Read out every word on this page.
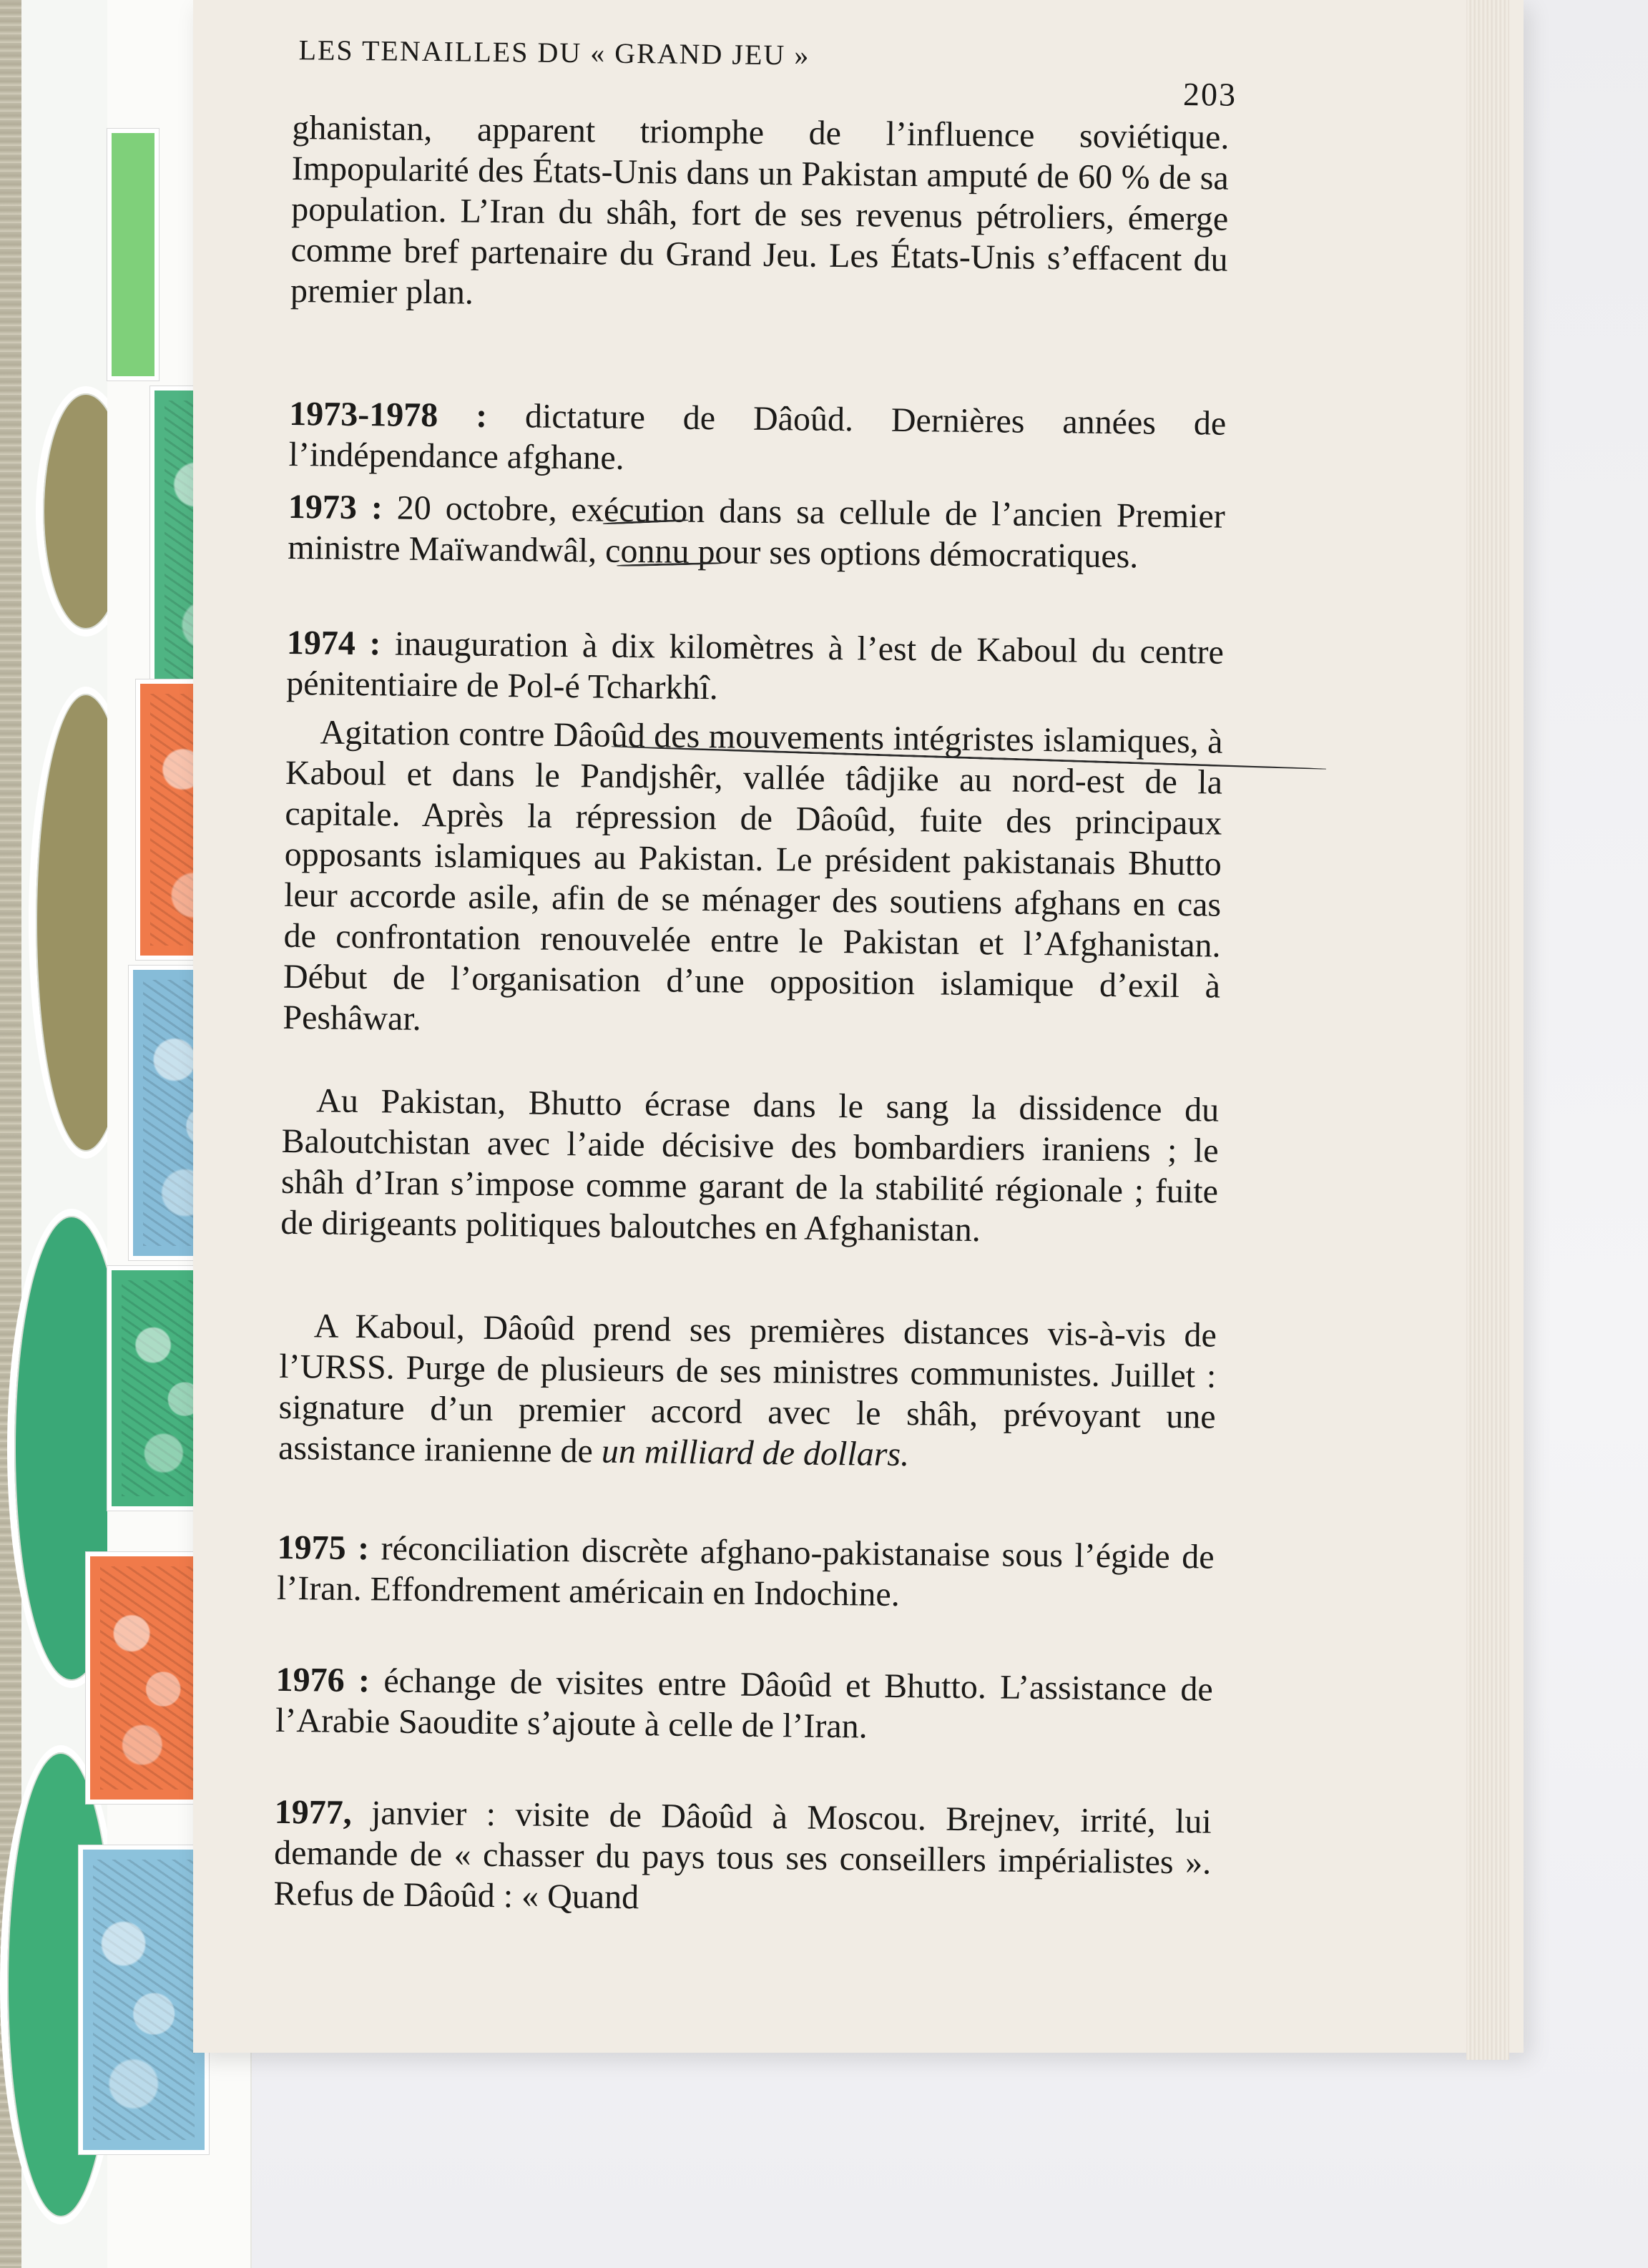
LES TENAILLES DU « GRAND JEU »
203

ghanistan, apparent triomphe de l’influence soviétique. Impopularité des États-Unis dans un Pakistan amputé de 60 % de sa population. L’Iran du shâh, fort de ses revenus pétroliers, émerge comme bref partenaire du Grand Jeu. Les États-Unis s’effacent du premier plan.

1973-1978 : dictature de Dâoûd. Dernières années de l’indépendance afghane.

1973 : 20 octobre, exécution dans sa cellule de l’ancien Premier ministre Maïwandwâl, connu pour ses options démocratiques.

1974 : inauguration à dix kilomètres à l’est de Kaboul du centre pénitentiaire de Pol-é Tcharkhî.

Agitation contre Dâoûd des mouvements intégristes islamiques, à Kaboul et dans le Pandjshêr, vallée tâdjike au nord-est de la capitale. Après la répression de Dâoûd, fuite des principaux opposants islamiques au Pakistan. Le président pakistanais Bhutto leur accorde asile, afin de se ménager des soutiens afghans en cas de confrontation renouvelée entre le Pakistan et l’Afghanistan. Début de l’organisation d’une opposition islamique d’exil à Peshâwar.

Au Pakistan, Bhutto écrase dans le sang la dissidence du Baloutchistan avec l’aide décisive des bombardiers iraniens ; le shâh d’Iran s’impose comme garant de la stabilité régionale ; fuite de dirigeants politiques baloutches en Afghanistan.

A Kaboul, Dâoûd prend ses premières distances vis-à-vis de l’URSS. Purge de plusieurs de ses ministres communistes. Juillet : signature d’un premier accord avec le shâh, prévoyant une assistance iranienne de un milliard de dollars.

1975 : réconciliation discrète afghano-pakistanaise sous l’égide de l’Iran. Effondrement américain en Indochine.

1976 : échange de visites entre Dâoûd et Bhutto. L’assistance de l’Arabie Saoudite s’ajoute à celle de l’Iran.

1977, janvier : visite de Dâoûd à Moscou. Brejnev, irrité, lui demande de « chasser du pays tous ses conseillers impérialistes ». Refus de Dâoûd : « Quand
